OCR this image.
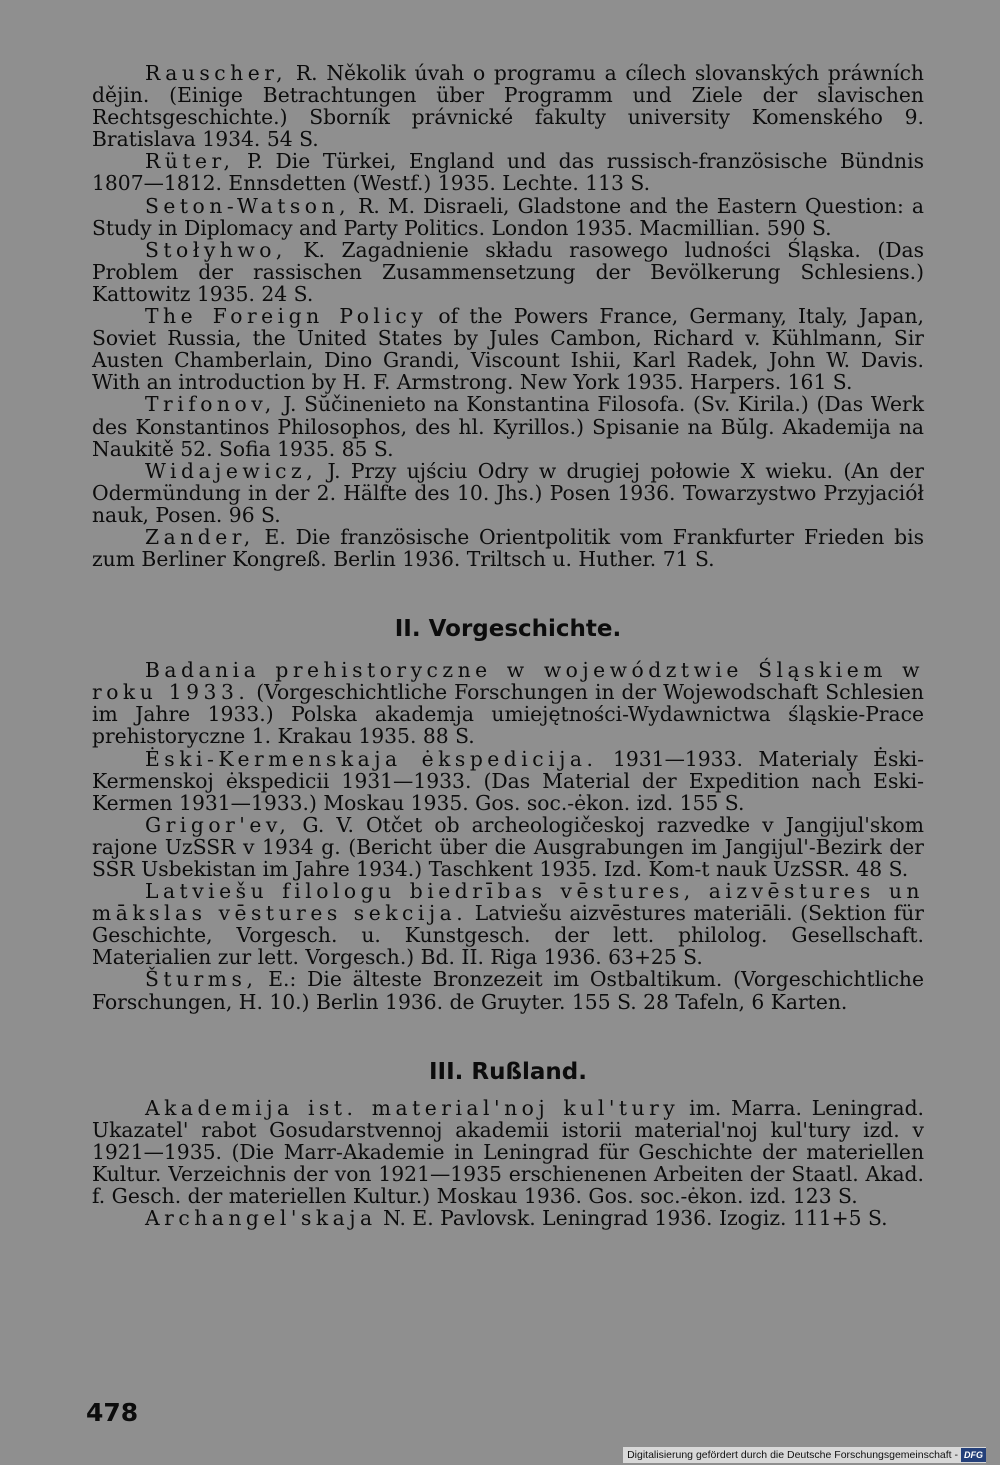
Rauscher, R. Několik úvah o programu a cílech slovanských práwních dějin. (Einige Betrachtungen über Programm und Ziele der slavischen Rechtsgeschichte.) Sborník právnické fakulty university Komenského 9. Bratislava 1934. 54 S.

Rüter, P. Die Türkei, England und das russisch-französische Bündnis 1807—1812. Ennsdetten (Westf.) 1935. Lechte. 113 S.

Seton-Watson, R. M. Disraeli, Gladstone and the Eastern Question: a Study in Diplomacy and Party Politics. London 1935. Macmillian. 590 S.

Stołyhwo, K. Zagadnienie składu rasowego ludności Śląska. (Das Problem der rassischen Zusammensetzung der Bevölkerung Schlesiens.) Kattowitz 1935. 24 S.

The Foreign Policy of the Powers France, Germany, Italy, Japan, Soviet Russia, the United States by Jules Cambon, Richard v. Kühlmann, Sir Austen Chamberlain, Dino Grandi, Viscount Ishii, Karl Radek, John W. Davis. With an introduction by H. F. Armstrong. New York 1935. Harpers. 161 S.

Trifonov, J. Sŭčinenieto na Konstantina Filosofa. (Sv. Kirila.) (Das Werk des Konstantinos Philosophos, des hl. Kyrillos.) Spisanie na Bŭlg. Akademija na Naukitě 52. Sofia 1935. 85 S.

Widajewicz, J. Przy ujściu Odry w drugiej połowie X wieku. (An der Odermündung in der 2. Hälfte des 10. Jhs.) Posen 1936. Towarzystwo Przyjaciół nauk, Posen. 96 S.

Zander, E. Die französische Orientpolitik vom Frankfurter Frieden bis zum Berliner Kongreß. Berlin 1936. Triltsch u. Huther. 71 S.

II. Vorgeschichte.

Badania prehistoryczne w województwie Śląskiem w roku 1933. (Vorgeschichtliche Forschungen in der Wojewodschaft Schlesien im Jahre 1933.) Polska akademja umiejętności-Wydawnictwa śląskie-Prace prehistoryczne 1. Krakau 1935. 88 S.

Ėski-Kermenskaja ėkspedicija. 1931—1933. Materialy Ėski-Kermenskoj ėkspedicii 1931—1933. (Das Material der Expedition nach Eski-Kermen 1931—1933.) Moskau 1935. Gos. soc.-ėkon. izd. 155 S.

Grigor'ev, G. V. Otčet ob archeologičeskoj razvedke v Jangijul'skom rajone UzSSR v 1934 g. (Bericht über die Ausgrabungen im Jangijul'-Bezirk der SSR Usbekistan im Jahre 1934.) Taschkent 1935. Izd. Kom-t nauk UzSSR. 48 S.

Latviešu filologu biedrības vēstures, aizvēstures un mākslas vēstures sekcija. Latviešu aizvēstures materiāli. (Sektion für Geschichte, Vorgesch. u. Kunstgesch. der lett. philolog. Gesellschaft. Materialien zur lett. Vorgesch.) Bd. II. Riga 1936. 63+25 S.

Šturms, E.: Die älteste Bronzezeit im Ostbaltikum. (Vorgeschichtliche Forschungen, H. 10.) Berlin 1936. de Gruyter. 155 S. 28 Tafeln, 6 Karten.

III. Rußland.

Akademija ist. material'noj kul'tury im. Marra. Leningrad. Ukazatel' rabot Gosudarstvennoj akademii istorii material'noj kul'tury izd. v 1921—1935. (Die Marr-Akademie in Leningrad für Geschichte der materiellen Kultur. Verzeichnis der von 1921—1935 erschienenen Arbeiten der Staatl. Akad. f. Gesch. der materiellen Kultur.) Moskau 1936. Gos. soc.-ėkon. izd. 123 S.

Archangel'skaja N. E. Pavlovsk. Leningrad 1936. Izogiz. 111+5 S.

478
Digitalisierung gefördert durch die Deutsche Forschungsgemeinschaft - DFG
